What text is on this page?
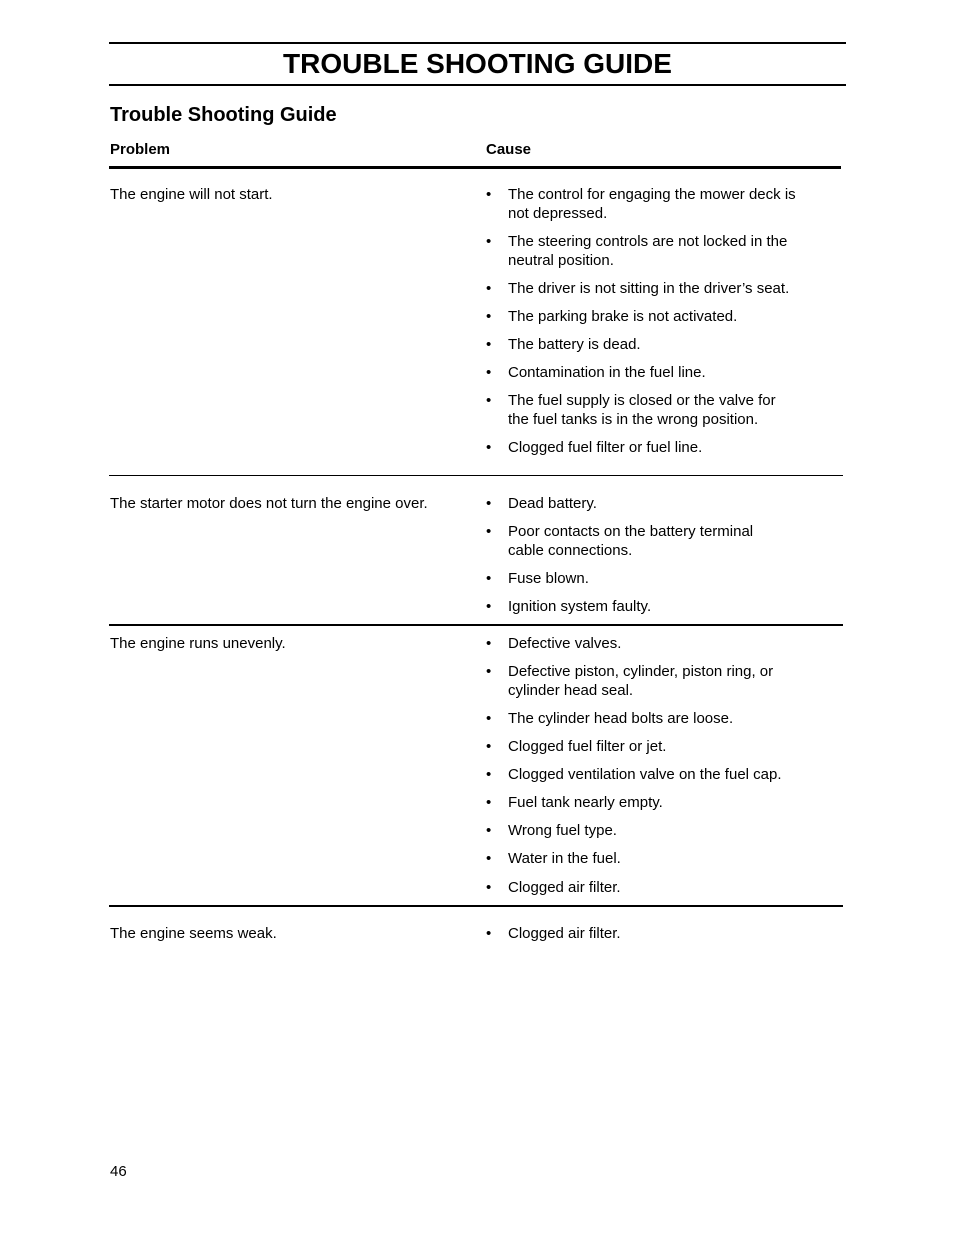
TROUBLE SHOOTING GUIDE
Trouble Shooting Guide
Problem	Cause
The engine will not start.	• The control for engaging the mower deck is not depressed.
• The steering controls are not locked in the neutral position.
• The driver is not sitting in the driver’s seat.
• The parking brake is not activated.
• The battery is dead.
• Contamination in the fuel line.
• The fuel supply is closed or the valve for the fuel tanks is in the wrong position.
• Clogged fuel filter or fuel line.
The starter motor does not turn the engine over.	• Dead battery.
• Poor contacts on the battery terminal cable connections.
• Fuse blown.
• Ignition system faulty.
The engine runs unevenly.	• Defective valves.
• Defective piston, cylinder, piston ring, or cylinder head seal.
• The cylinder head bolts are loose.
• Clogged fuel filter or jet.
• Clogged ventilation valve on the fuel cap.
• Fuel tank nearly empty.
• Wrong fuel type.
• Water in the fuel.
• Clogged air filter.
The engine seems weak.	• Clogged air filter.
46
